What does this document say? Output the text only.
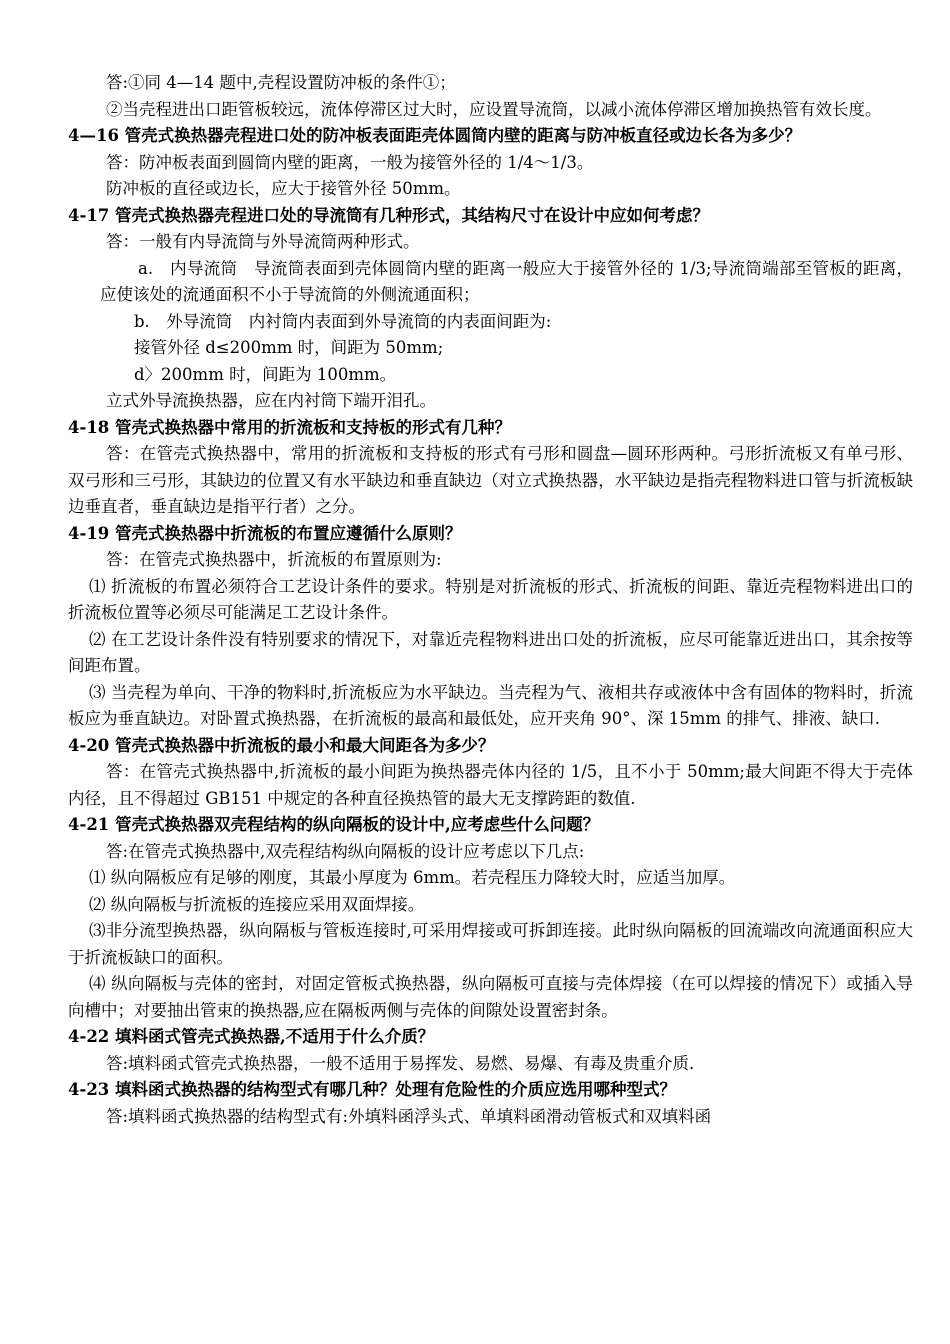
答:①同 4—14 题中,壳程设置防冲板的条件①；

②当壳程进出口距管板较远，流体停滞区过大时，应设置导流筒，以减小流体停滞区增加换热管有效长度。

4—16 管壳式换热器壳程进口处的防冲板表面距壳体圆筒内壁的距离与防冲板直径或边长各为多少？

答：防冲板表面到圆筒内壁的距离，一般为接管外径的 1/4～1/3。

防冲板的直径或边长，应大于接管外径 50mm。

4-17 管壳式换热器壳程进口处的导流筒有几种形式，其结构尺寸在设计中应如何考虑？

答：一般有内导流筒与外导流筒两种形式。

a.　内导流筒　导流筒表面到壳体圆筒内壁的距离一般应大于接管外径的 1/3;导流筒端部至管板的距离，应使该处的流通面积不小于导流筒的外侧流通面积；

b.　外导流筒　内衬筒内表面到外导流筒的内表面间距为:

接管外径 d≤200mm 时，间距为 50mm;

d〉200mm 时，间距为 100mm。

立式外导流换热器，应在内衬筒下端开泪孔。

4-18 管壳式换热器中常用的折流板和支持板的形式有几种？

答：在管壳式换热器中，常用的折流板和支持板的形式有弓形和圆盘—圆环形两种。弓形折流板又有单弓形、双弓形和三弓形，其缺边的位置又有水平缺边和垂直缺边（对立式换热器，水平缺边是指壳程物料进口管与折流板缺边垂直者，垂直缺边是指平行者）之分。

4-19 管壳式换热器中折流板的布置应遵循什么原则？

答：在管壳式换热器中，折流板的布置原则为:

⑴ 折流板的布置必须符合工艺设计条件的要求。特别是对折流板的形式、折流板的间距、靠近壳程物料进出口的折流板位置等必须尽可能满足工艺设计条件。

⑵ 在工艺设计条件没有特别要求的情况下，对靠近壳程物料进出口处的折流板，应尽可能靠近进出口，其余按等间距布置。

⑶ 当壳程为单向、干净的物料时,折流板应为水平缺边。当壳程为气、液相共存或液体中含有固体的物料时，折流板应为垂直缺边。对卧置式换热器，在折流板的最高和最低处，应开夹角 90°、深 15mm 的排气、排液、缺口.

4-20 管壳式换热器中折流板的最小和最大间距各为多少？

答：在管壳式换热器中,折流板的最小间距为换热器壳体内径的 1/5，且不小于 50mm;最大间距不得大于壳体内径，且不得超过 GB151 中规定的各种直径换热管的最大无支撑跨距的数值.

4-21 管壳式换热器双壳程结构的纵向隔板的设计中,应考虑些什么问题？

答:在管壳式换热器中,双壳程结构纵向隔板的设计应考虑以下几点:

⑴ 纵向隔板应有足够的刚度，其最小厚度为 6mm。若壳程压力降较大时，应适当加厚。

⑵ 纵向隔板与折流板的连接应采用双面焊接。

⑶非分流型换热器，纵向隔板与管板连接时,可采用焊接或可拆卸连接。此时纵向隔板的回流端改向流通面积应大于折流板缺口的面积。

⑷ 纵向隔板与壳体的密封，对固定管板式换热器，纵向隔板可直接与壳体焊接（在可以焊接的情况下）或插入导向槽中；对要抽出管束的换热器,应在隔板两侧与壳体的间隙处设置密封条。

4-22 填料函式管壳式换热器,不适用于什么介质？

答:填料函式管壳式换热器，一般不适用于易挥发、易燃、易爆、有毒及贵重介质.

4-23 填料函式换热器的结构型式有哪几种？处理有危险性的介质应选用哪种型式？

答:填料函式换热器的结构型式有:外填料函浮头式、单填料函滑动管板式和双填料函
